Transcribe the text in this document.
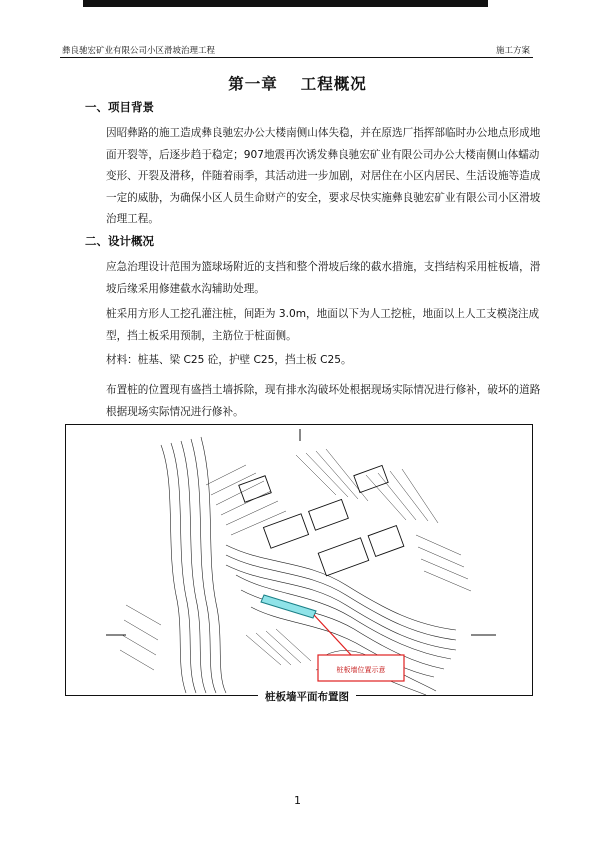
彝良驰宏矿业有限公司小区滑坡治理工程	施工方案
第一章　 工程概况
一、项目背景
因昭彝路的施工造成彝良驰宏办公大楼南侧山体失稳，并在原选厂指挥部临时办公地点形成地面开裂等，后逐步趋于稳定；907地震再次诱发彝良驰宏矿业有限公司办公大楼南侧山体蠕动变形、开裂及滑移，伴随着雨季，其活动进一步加剧，对居住在小区内居民、生活设施等造成一定的威胁，为确保小区人员生命财产的安全，要求尽快实施彝良驰宏矿业有限公司小区滑坡治理工程。
二、设计概况
应急治理设计范围为篮球场附近的支挡和整个滑坡后缘的截水措施，支挡结构采用桩板墙，滑坡后缘采用修建截水沟辅助处理。
桩采用方形人工挖孔灌注桩，间距为 3.0m，地面以下为人工挖桩，地面以上人工支模浇注成型，挡土板采用预制，主筋位于桩面侧。
材料：桩基、梁 C25 砼，护壁 C25，挡土板 C25。
布置桩的位置现有盛挡土墙拆除，现有排水沟破坏处根据现场实际情况进行修补，破坏的道路根据现场实际情况进行修补。
桩板墙位置示意
桩板墙平面布置图
1
